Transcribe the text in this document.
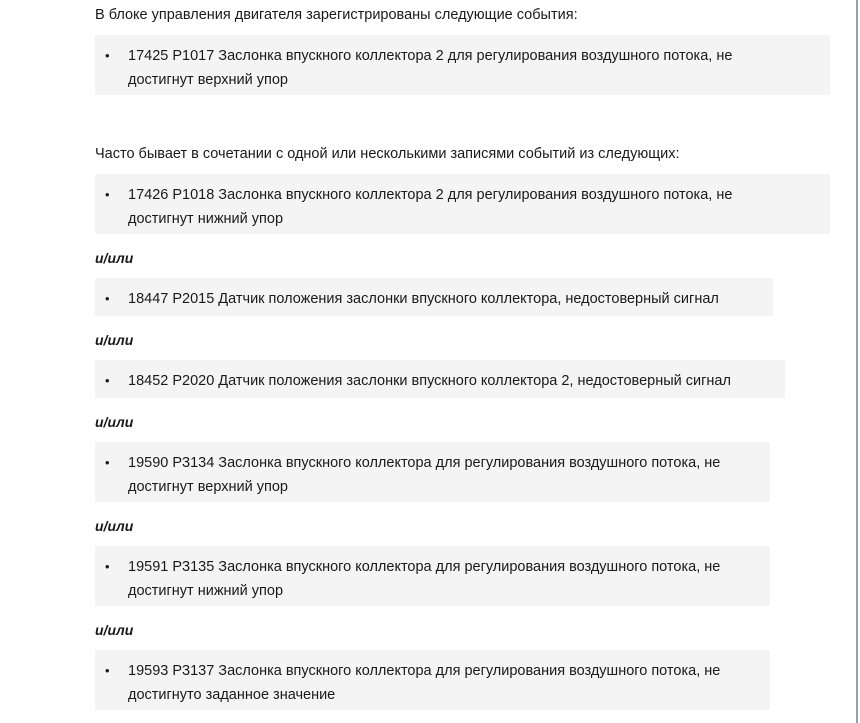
В блоке управления двигателя зарегистрированы следующие события:
• 17425 P1017 Заслонка впускного коллектора 2 для регулирования воздушного потока, не
достигнут верхний упор
Часто бывает в сочетании с одной или несколькими записями событий из следующих:
• 17426 P1018 Заслонка впускного коллектора 2 для регулирования воздушного потока, не
достигнут нижний упор
и/или
• 18447 P2015 Датчик положения заслонки впускного коллектора, недостоверный сигнал
и/или
• 18452 P2020 Датчик положения заслонки впускного коллектора 2, недостоверный сигнал
и/или
• 19590 P3134 Заслонка впускного коллектора для регулирования воздушного потока, не
достигнут верхний упор
и/или
• 19591 P3135 Заслонка впускного коллектора для регулирования воздушного потока, не
достигнут нижний упор
и/или
• 19593 P3137 Заслонка впускного коллектора для регулирования воздушного потока, не
достигнуто заданное значение
